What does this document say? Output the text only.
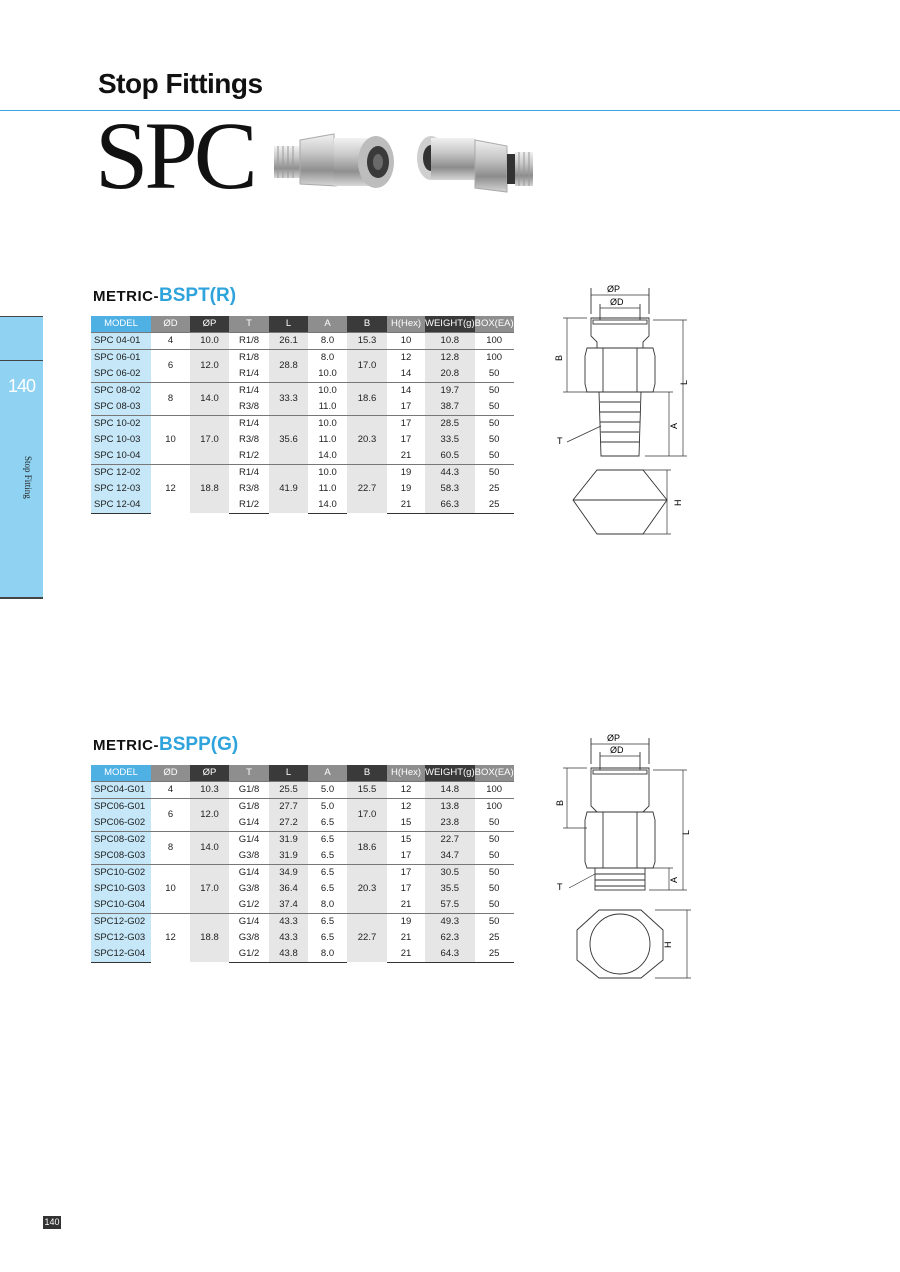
Stop Fittings
SPC
140
Stop Fitting
METRIC-BSPT(R)
MODEL	ØD	ØP	T	L	A	B	H(Hex)	WEIGHT(g)	BOX(EA)
SPC 04-01	4	10.0	R1/8	26.1	8.0	15.3	10	10.8	100
SPC 06-01	6	12.0	R1/8	28.8	8.0	17.0	12	12.8	100
SPC 06-02			R1/4		10.0		14	20.8	50
SPC 08-02	8	14.0	R1/4	33.3	10.0	18.6	14	19.7	50
SPC 08-03			R3/8		11.0		17	38.7	50
SPC 10-02	10	17.0	R1/4	35.6	10.0	20.3	17	28.5	50
SPC 10-03			R3/8		11.0		17	33.5	50
SPC 10-04			R1/2		14.0		21	60.5	50
SPC 12-02	12	18.8	R1/4	41.9	10.0	22.7	19	44.3	50
SPC 12-03			R3/8		11.0		19	58.3	25
SPC 12-04			R1/2		14.0		21	66.3	25
ØP
ØD
B
L
A
T
H
METRIC-BSPP(G)
MODEL	ØD	ØP	T	L	A	B	H(Hex)	WEIGHT(g)	BOX(EA)
SPC04-G01	4	10.3	G1/8	25.5	5.0	15.5	12	14.8	100
SPC06-G01	6	12.0	G1/8	27.7	5.0	17.0	12	13.8	100
SPC06-G02			G1/4	27.2	6.5		15	23.8	50
SPC08-G02	8	14.0	G1/4	31.9	6.5	18.6	15	22.7	50
SPC08-G03			G3/8	31.9	6.5		17	34.7	50
SPC10-G02	10	17.0	G1/4	34.9	6.5	20.3	17	30.5	50
SPC10-G03			G3/8	36.4	6.5		17	35.5	50
SPC10-G04			G1/2	37.4	8.0		21	57.5	50
SPC12-G02	12	18.8	G1/4	43.3	6.5	22.7	19	49.3	50
SPC12-G03			G3/8	43.3	6.5		21	62.3	25
SPC12-G04			G1/2	43.8	8.0		21	64.3	25
ØP
ØD
B
L
A
T
H
140
